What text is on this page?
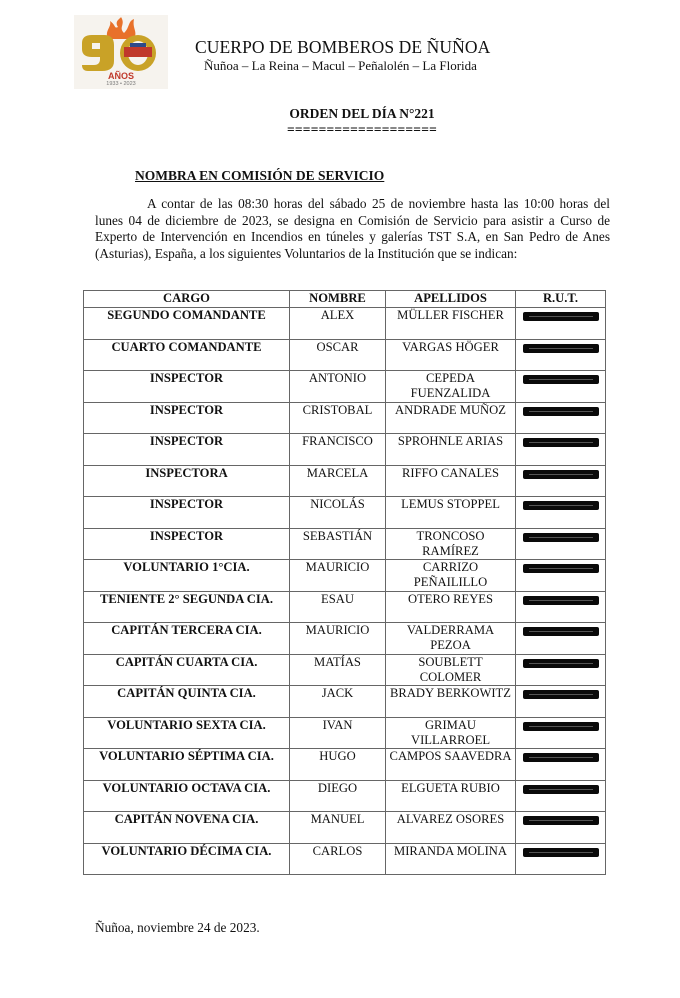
AÑOS
1933 • 2023
CUERPO DE BOMBEROS DE ÑUÑOA
Ñuñoa – La Reina – Macul – Peñalolén – La Florida
ORDEN DEL DÍA N°221
===================
NOMBRA EN COMISIÓN DE SERVICIO
A contar de las 08:30 horas del sábado 25 de noviembre hasta las 10:00 horas del lunes 04 de diciembre de 2023, se designa en Comisión de Servicio para asistir a Curso de Experto de Intervención en Incendios en túneles y galerías TST S.A, en San Pedro de Anes (Asturias), España, a los siguientes Voluntarios de la Institución que se indican:
CARGO	NOMBRE	APELLIDOS	R.U.T.
SEGUNDO COMANDANTE	ALEX	MÜLLER FISCHER	
CUARTO COMANDANTE	OSCAR	VARGAS HÖGER	
INSPECTOR	ANTONIO	CEPEDA FUENZALIDA	
INSPECTOR	CRISTOBAL	ANDRADE MUÑOZ	
INSPECTOR	FRANCISCO	SPROHNLE ARIAS	
INSPECTORA	MARCELA	RIFFO CANALES	
INSPECTOR	NICOLÁS	LEMUS STOPPEL	
INSPECTOR	SEBASTIÁN	TRONCOSO RAMÍREZ	
VOLUNTARIO 1°CIA.	MAURICIO	CARRIZO PEÑAILILLO	
TENIENTE 2° SEGUNDA CIA.	ESAU	OTERO REYES	
CAPITÁN TERCERA CIA.	MAURICIO	VALDERRAMA PEZOA	
CAPITÁN CUARTA CIA.	MATÍAS	SOUBLETT COLOMER	
CAPITÁN QUINTA CIA.	JACK	BRADY BERKOWITZ	
VOLUNTARIO SEXTA CIA.	IVAN	GRIMAU VILLARROEL	
VOLUNTARIO SÉPTIMA CIA.	HUGO	CAMPOS SAAVEDRA	
VOLUNTARIO OCTAVA CIA.	DIEGO	ELGUETA RUBIO	
CAPITÁN NOVENA CIA.	MANUEL	ALVAREZ OSORES	
VOLUNTARIO DÉCIMA CIA.	CARLOS	MIRANDA MOLINA	
Ñuñoa, noviembre 24 de 2023.
